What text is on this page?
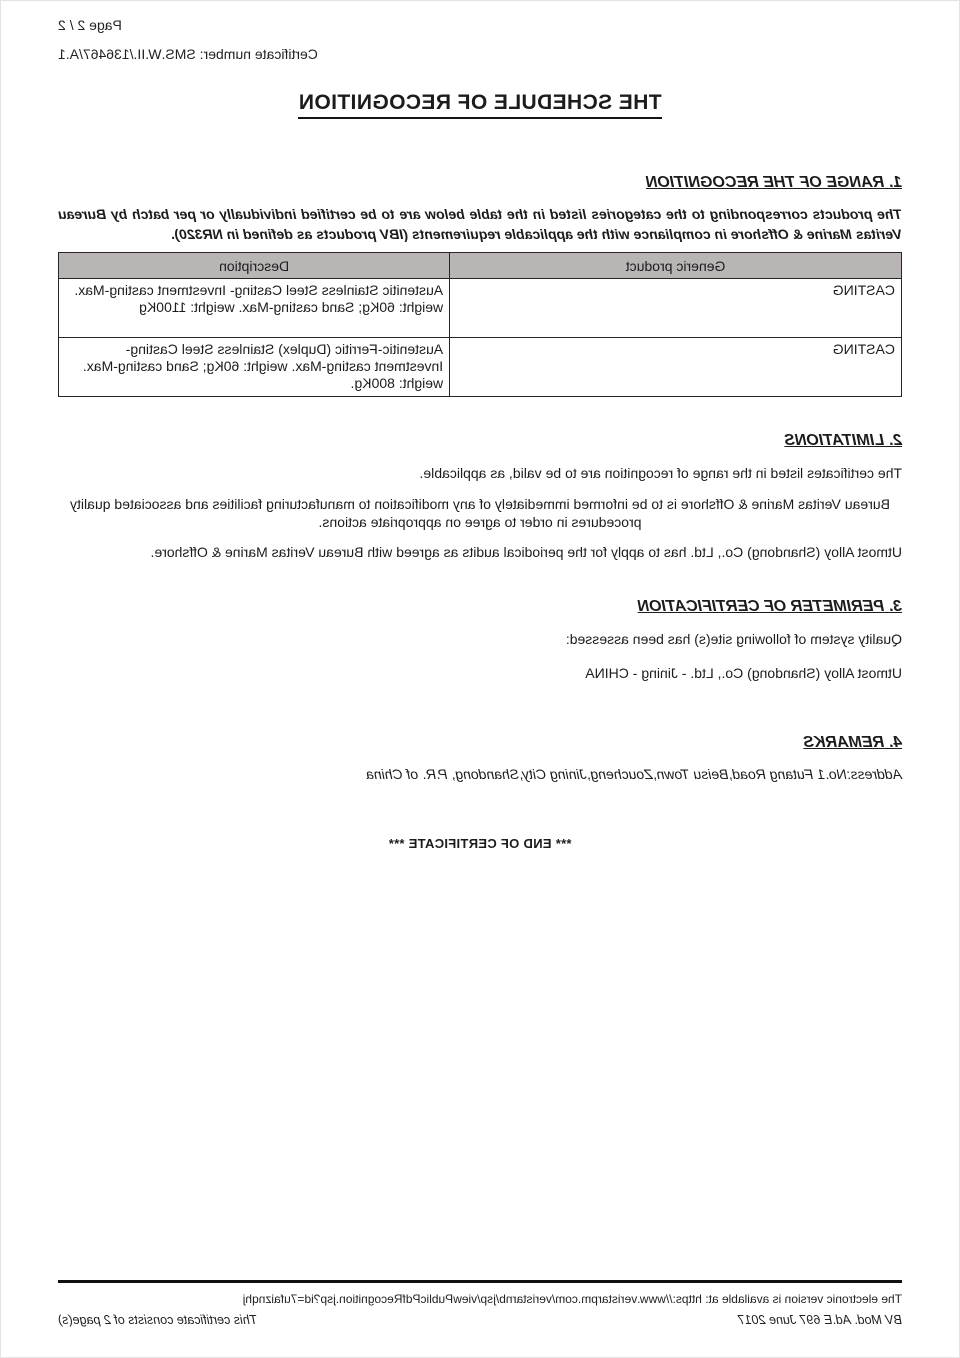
Page 2 / 2
Certificate number: SMS.W.II./136467/A.1
THE SCHEDULE OF RECOGNITION
1. RANGE OF THE RECOGNITION

The products corresponding to the categories listed in the table below are to be certified individually or per batch by Bureau Veritas Marine & Offshore in compliance with the applicable requirements (IBV products as defined in NR320).

Generic product	Description
CASTING	Austenitic Stainless Steel Casting- Investment casting-Max. weight: 60Kg; Sand casting-Max. weight: 1100Kg
CASTING	Austenitic-Ferritic (Duplex) Stainless Steel Casting- Investment casting-Max. weight: 60Kg; Sand casting-Max. weight: 800Kg.
2. LIMITATIONS

The certificates listed in the range of recognition are to be valid, as applicable.

Bureau Veritas Marine & Offshore is to be informed immediately of any modification to manufacturing facilities and associated quality procedures in order to agree on appropriate actions.

Utmost Alloy (Shandong) Co., Ltd. has to apply for the periodical audits as agreed with Bureau Veritas Marine & Offshore.

3. PERIMETER OF CERTIFICATION

Quality system of following site(s) has been assessed:

Utmost Alloy (Shandong) Co., Ltd. - Jining - CHINA

4. REMARKS

Address:No.1 Futang Road,Beisu Town,Zoucheng,Jining City,Shandong, P.R. of China

*** END OF CERTIFICATE ***

The electronic version is available at: https://www.veristarpm.com/veristarnb/jsp/viewPublicPdfRecognition.jsp?id=7ufaiznqhj
BV Mod. Ad.E 697 June 2017
This certificate consists of 2 page(s)
